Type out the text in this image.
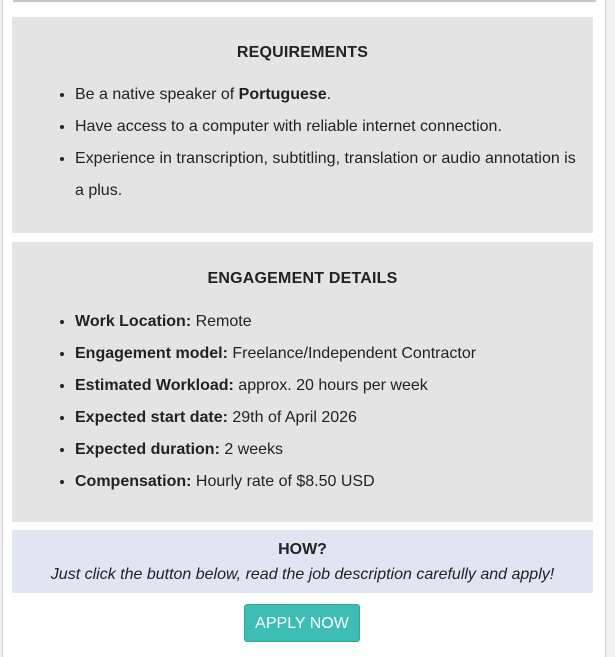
REQUIREMENTS
• Be a native speaker of Portuguese.
• Have access to a computer with reliable internet connection.
• Experience in transcription, subtitling, translation or audio annotation is a plus.
ENGAGEMENT DETAILS
• Work Location: Remote
• Engagement model: Freelance/Independent Contractor
• Estimated Workload: approx. 20 hours per week
• Expected start date: 29th of April 2026
• Expected duration: 2 weeks
• Compensation: Hourly rate of $8.50 USD
HOW?
Just click the button below, read the job description carefully and apply!
APPLY NOW
